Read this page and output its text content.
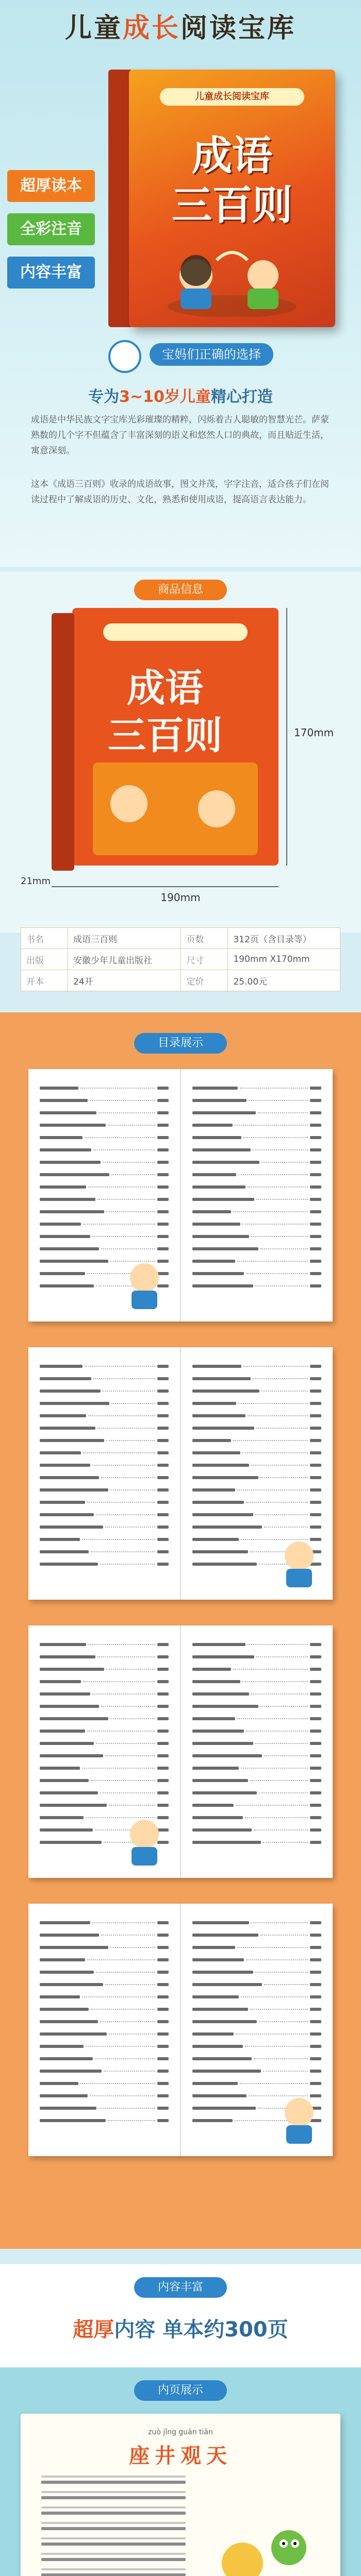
儿童成长阅读宝库
超厚读本
全彩注音
内容丰富
儿童成长阅读宝库
成语
三百则
宝妈们正确的选择
专为3~10岁儿童精心打造
成语是中华民族文字宝库光彩璀璨的精粹，闪烁着古人聪敏的智慧光芒。萨蒙熟数的几个字不但蕴含了丰富深刻的语义和悠然人口的典故，而且贴近生活，寓意深刻。
这本《成语三百则》收录的成语故事，图文并茂，字字注音，适合孩子们在阅读过程中了解成语的历史、文化，熟悉和使用成语，提高语言表达能力。
商品信息
成语
三百则	170mm
190mm
21mm
书名	成语三百则	页数	312页（含目录等）
出版	安徽少年儿童出版社	尺寸	190mm X170mm
开本	24开	定价	25.00元
目录展示
内容丰富
超厚内容 单本约300页
内页展示
zuò jǐng guān tiān
座井观天
